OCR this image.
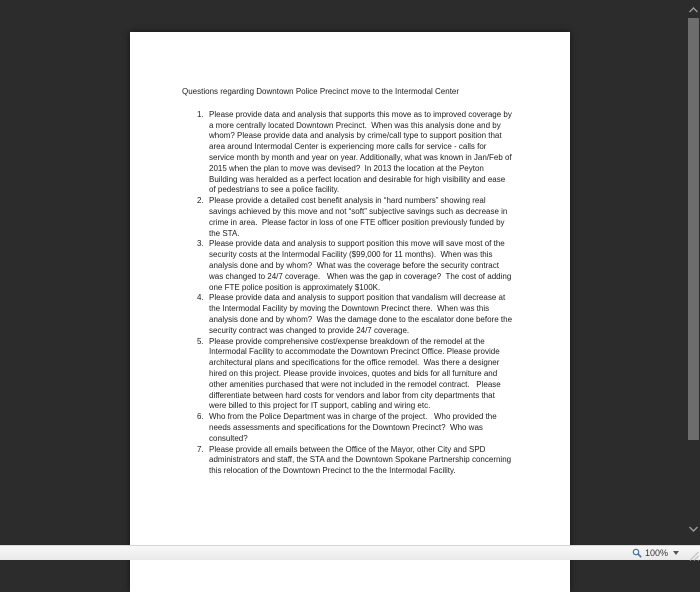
Questions regarding Downtown Police Precinct move to the Intermodal Center

1. Please provide data and analysis that supports this move as to improved coverage by a more centrally located Downtown Precinct.  When was this analysis done and by whom? Please provide data and analysis by crime/call type to support position that area around Intermodal Center is experiencing more calls for service - calls for service month by month and year on year. Additionally, what was known in Jan/Feb of 2015 when the plan to move was devised?  In 2013 the location at the Peyton Building was heralded as a perfect location and desirable for high visibility and ease of pedestrians to see a police facility.
2. Please provide a detailed cost benefit analysis in “hard numbers” showing real savings achieved by this move and not “soft” subjective savings such as decrease in crime in area.  Please factor in loss of one FTE officer position previously funded by the STA.
3. Please provide data and analysis to support position this move will save most of the security costs at the Intermodal Facility ($99,000 for 11 months).  When was this analysis done and by whom?  What was the coverage before the security contract was changed to 24/7 coverage.   When was the gap in coverage?  The cost of adding one FTE police position is approximately $100K.
4. Please provide data and analysis to support position that vandalism will decrease at the Intermodal Facility by moving the Downtown Precinct there.  When was this analysis done and by whom?  Was the damage done to the escalator done before the security contract was changed to provide 24/7 coverage.
5. Please provide comprehensive cost/expense breakdown of the remodel at the Intermodal Facility to accommodate the Downtown Precinct Office. Please provide architectural plans and specifications for the office remodel.  Was there a designer hired on this project. Please provide invoices, quotes and bids for all furniture and other amenities purchased that were not included in the remodel contract.   Please differentiate between hard costs for vendors and labor from city departments that were billed to this project for IT support, cabling and wiring etc.
6. Who from the Police Department was in charge of the project.   Who provided the needs assessments and specifications for the Downtown Precinct?  Who was consulted?
7. Please provide all emails between the Office of the Mayor, other City and SPD administrators and staff, the STA and the Downtown Spokane Partnership concerning this relocation of the Downtown Precinct to the the Intermodal Facility.
100%
